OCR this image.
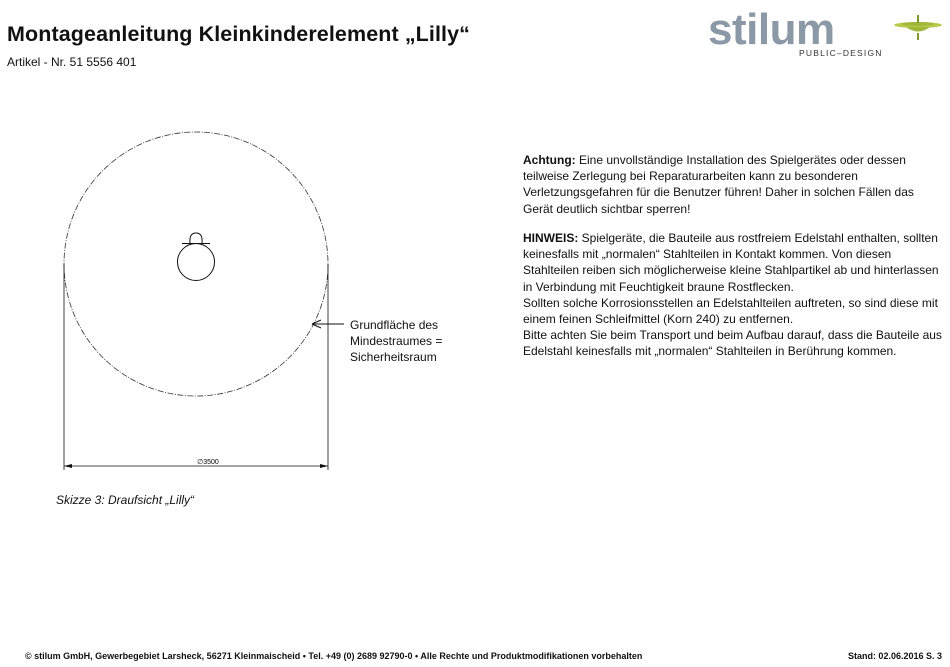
Montageanleitung Kleinkinderelement „Lilly“
Artikel - Nr. 51 5556 401
stilum
PUBLIC–DESIGN
∅3500
Grundfläche des
Mindestraumes =
Sicherheitsraum
Skizze 3: Draufsicht „Lilly“
Achtung: Eine unvollständige Installation des Spielgerätes oder dessen teilweise Zerlegung bei Reparaturarbeiten kann zu besonderen Verletzungsgefahren für die Benutzer führen! Daher in solchen Fällen das Gerät deutlich sichtbar sperren!
HINWEIS: Spielgeräte, die Bauteile aus rostfreiem Edelstahl enthalten, sollten keinesfalls mit „normalen“ Stahlteilen in Kontakt kommen. Von diesen Stahlteilen reiben sich möglicherweise kleine Stahlpartikel ab und hinterlassen in Verbindung mit Feuchtigkeit braune Rostflecken.
Sollten solche Korrosionsstellen an Edelstahlteilen auftreten, so sind diese mit einem feinen Schleifmittel (Korn 240) zu entfernen.
Bitte achten Sie beim Transport und beim Aufbau darauf, dass die Bauteile aus Edelstahl keinesfalls mit „normalen“ Stahlteilen in Berührung kommen.
© stilum GmbH, Gewerbegebiet Larsheck, 56271 Kleinmaischeid • Tel. +49 (0) 2689 92790-0 • Alle Rechte und Produktmodifikationen vorbehalten	Stand: 02.06.2016 S. 3
